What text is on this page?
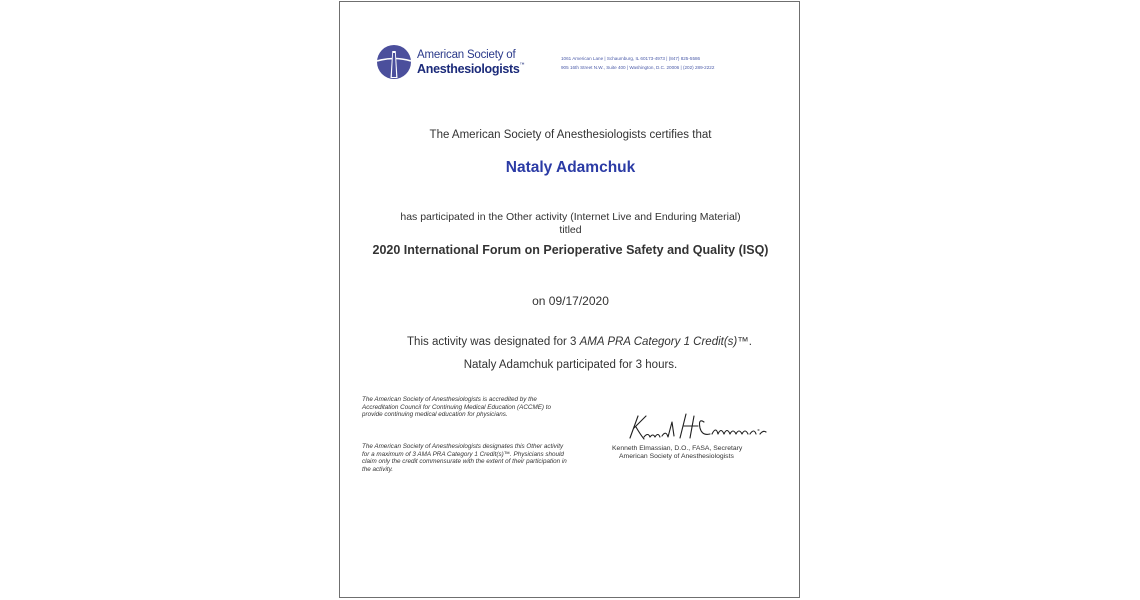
American Society of
Anesthesiologists™
1061 American Lane | Schaumburg, IL 60173-4973 | (847) 825-5586
905 16th Street N.W., Suite 400 | Washington, D.C. 20006 | (202) 289-2222
The American Society of Anesthesiologists certifies that
Nataly Adamchuk
has participated in the Other activity (Internet Live and Enduring Material)
titled
2020 International Forum on Perioperative Safety and Quality (ISQ)
on 09/17/2020
This activity was designated for 3 AMA PRA Category 1 Credit(s)™.
Nataly Adamchuk participated for 3 hours.
The American Society of Anesthesiologists is accredited by the Accreditation Council for Continuing Medical Education (ACCME) to provide continuing medical education for physicians.
The American Society of Anesthesiologists designates this Other activity for a maximum of 3 AMA PRA Category 1 Credit(s)™. Physicians should claim only the credit commensurate with the extent of their participation in the activity.
Kenneth Elmassian, D.O., FASA, Secretary
American Society of Anesthesiologists
